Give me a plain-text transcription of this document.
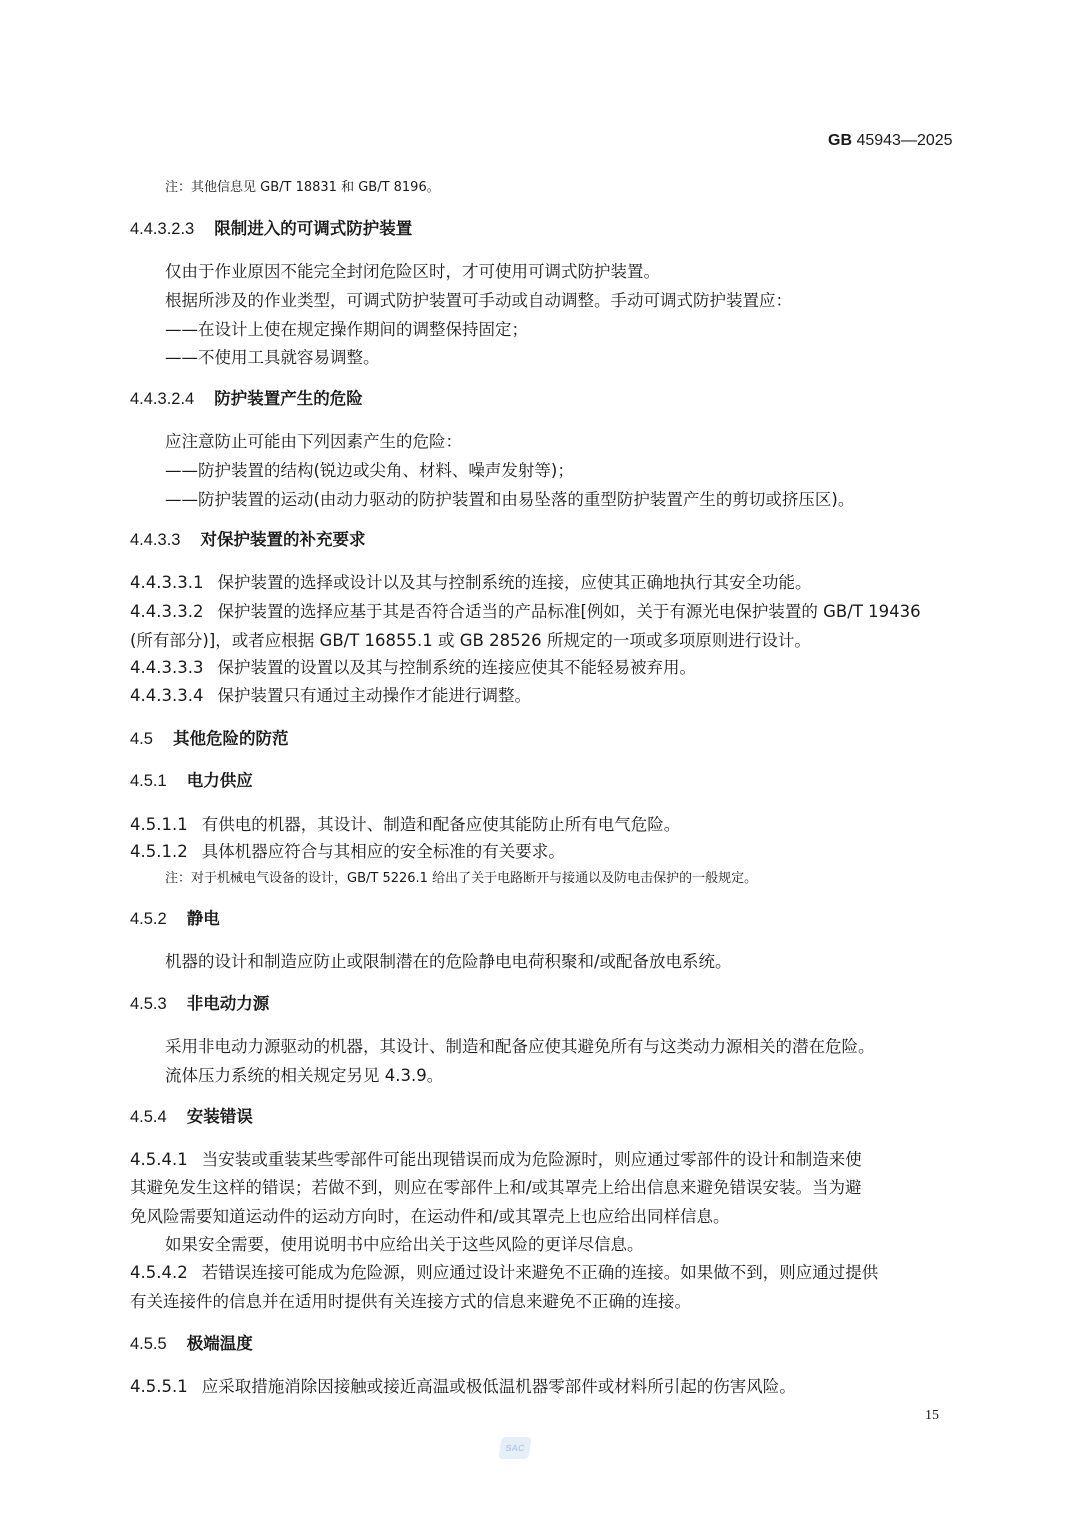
GB 45943—2025
注：其他信息见 GB/T 18831 和 GB/T 8196。
4.4.3.2.3 限制进入的可调式防护装置
仅由于作业原因不能完全封闭危险区时，才可使用可调式防护装置。
根据所涉及的作业类型，可调式防护装置可手动或自动调整。手动可调式防护装置应：
——在设计上使在规定操作期间的调整保持固定；
——不使用工具就容易调整。
4.4.3.2.4 防护装置产生的危险
应注意防止可能由下列因素产生的危险：
——防护装置的结构(锐边或尖角、材料、噪声发射等)；
——防护装置的运动(由动力驱动的防护装置和由易坠落的重型防护装置产生的剪切或挤压区)。
4.4.3.3 对保护装置的补充要求
4.4.3.3.1 保护装置的选择或设计以及其与控制系统的连接，应使其正确地执行其安全功能。
4.4.3.3.2 保护装置的选择应基于其是否符合适当的产品标准[例如，关于有源光电保护装置的 GB/T 19436
(所有部分)]，或者应根据 GB/T 16855.1 或 GB 28526 所规定的一项或多项原则进行设计。
4.4.3.3.3 保护装置的设置以及其与控制系统的连接应使其不能轻易被弃用。
4.4.3.3.4 保护装置只有通过主动操作才能进行调整。
4.5 其他危险的防范
4.5.1 电力供应
4.5.1.1 有供电的机器，其设计、制造和配备应使其能防止所有电气危险。
4.5.1.2 具体机器应符合与其相应的安全标准的有关要求。
注：对于机械电气设备的设计，GB/T 5226.1 给出了关于电路断开与接通以及防电击保护的一般规定。
4.5.2 静电
机器的设计和制造应防止或限制潜在的危险静电电荷积聚和/或配备放电系统。
4.5.3 非电动力源
采用非电动力源驱动的机器，其设计、制造和配备应使其避免所有与这类动力源相关的潜在危险。
流体压力系统的相关规定另见 4.3.9。
4.5.4 安装错误
4.5.4.1 当安装或重装某些零部件可能出现错误而成为危险源时，则应通过零部件的设计和制造来使
其避免发生这样的错误；若做不到，则应在零部件上和/或其罩壳上给出信息来避免错误安装。当为避
免风险需要知道运动件的运动方向时，在运动件和/或其罩壳上也应给出同样信息。
如果安全需要，使用说明书中应给出关于这些风险的更详尽信息。
4.5.4.2 若错误连接可能成为危险源，则应通过设计来避免不正确的连接。如果做不到，则应通过提供
有关连接件的信息并在适用时提供有关连接方式的信息来避免不正确的连接。
4.5.5 极端温度
4.5.5.1 应采取措施消除因接触或接近高温或极低温机器零部件或材料所引起的伤害风险。
15
SAC
